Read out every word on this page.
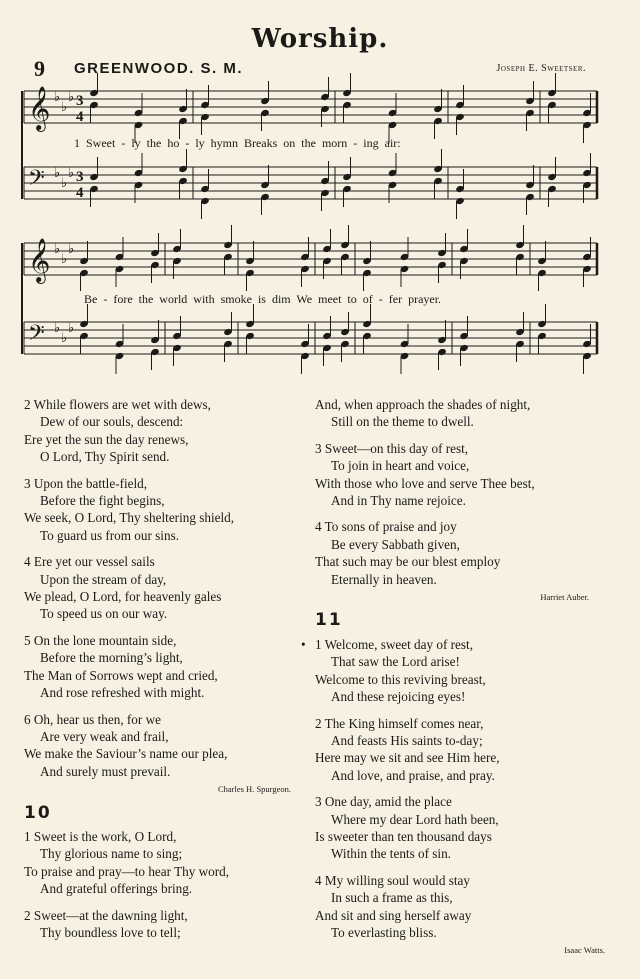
Worship.
9 GREENWOOD. S. M.	Joseph E. Sweetser.
𝄞 ♭
♭
♭ 3
4
𝄢 ♭
♭
♭ 3
4
𝄞 ♭
♭
♭
𝄢 ♭
♭
♭
1 Sweet - ly the ho - ly hymn Breaks on the morn - ing air:
Be - fore the world with smoke is dim We meet to of - fer prayer.
2 While flowers are wet with dews,
Dew of our souls, descend:
Ere yet the sun the day renews,
O Lord, Thy Spirit send.
3 Upon the battle-field,
Before the fight begins,
We seek, O Lord, Thy sheltering shield,
To guard us from our sins.
4 Ere yet our vessel sails
Upon the stream of day,
We plead, O Lord, for heavenly gales
To speed us on our way.
5 On the lone mountain side,
Before the morning’s light,
The Man of Sorrows wept and cried,
And rose refreshed with might.
6 Oh, hear us then, for we
Are very weak and frail,
We make the Saviour’s name our plea,
And surely must prevail.
Charles H. Spurgeon.
10
1 Sweet is the work, O Lord,
Thy glorious name to sing;
To praise and pray—to hear Thy word,
And grateful offerings bring.
2 Sweet—at the dawning light,
Thy boundless love to tell;
And, when approach the shades of night,
Still on the theme to dwell.
3 Sweet—on this day of rest,
To join in heart and voice,
With those who love and serve Thee best,
And in Thy name rejoice.
4 To sons of praise and joy
Be every Sabbath given,
That such may be our blest employ
Eternally in heaven.
Harriet Auber.
11
• 1 Welcome, sweet day of rest,
That saw the Lord arise!
Welcome to this reviving breast,
And these rejoicing eyes!
2 The King himself comes near,
And feasts His saints to-day;
Here may we sit and see Him here,
And love, and praise, and pray.
3 One day, amid the place
Where my dear Lord hath been,
Is sweeter than ten thousand days
Within the tents of sin.
4 My willing soul would stay
In such a frame as this,
And sit and sing herself away
To everlasting bliss.
Isaac Watts.
